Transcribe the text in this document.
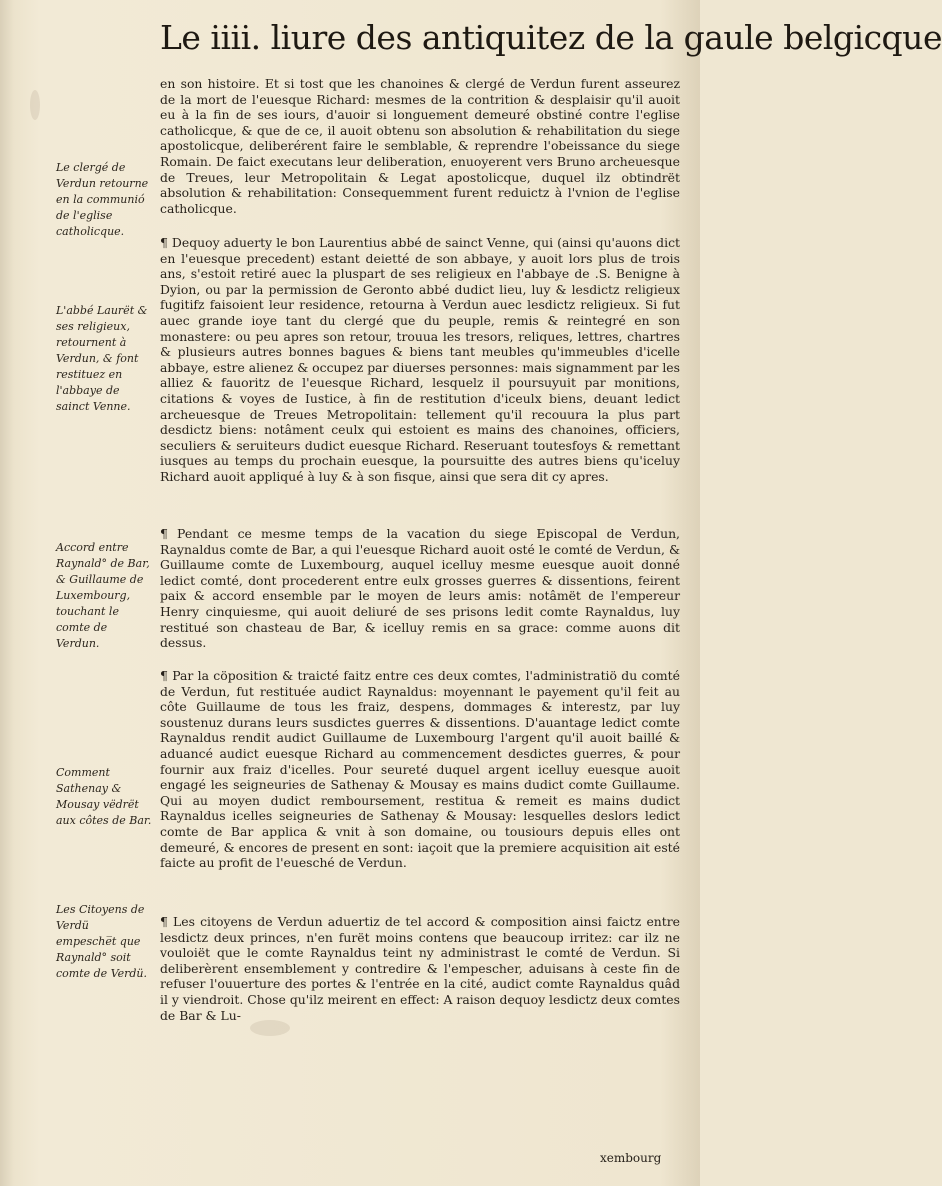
Le iiii. liure des antiquitez de la gaule belgicque
Le clergé de Verdun retourne en la communió de l'eglise catholicque.
L'abbé Laurët & ses religieux, retournent à Verdun, & font restituez en l'abbaye de sainct Venne.
Accord entre Raynald° de Bar, & Guillaume de Luxembourg, touchant le comte de Verdun.
Comment Sathenay & Mousay vëdrët aux côtes de Bar.
Les Citoyens de Verdü empesche̅t que Raynald° soit comte de Verdü.
en son histoire. Et si tost que les chanoines & clergé de Verdun furent asseurez de la mort de l'euesque Richard: mesmes de la contrition & desplaisir qu'il auoit eu à la fin de ses iours, d'auoir si longuement demeuré obstiné contre l'eglise catholicque, & que de ce, il auoit obtenu son absolution & rehabilitation du siege apostolicque, deliberérent faire le semblable, & reprendre l'obeissance du siege Romain. De faict executans leur deliberation, enuoyerent vers Bruno archeuesque de Treues, leur Metropolitain & Legat apostolicque, duquel ilz obtindrët absolution & rehabilitation: Consequemment furent reduictz à l'vnion de l'eglise catholicque.
¶ Dequoy aduerty le bon Laurentius abbé de sainct Venne, qui (ainsi qu'auons dict en l'euesque precedent) estant deietté de son abbaye, y auoit lors plus de trois ans, s'estoit retiré auec la pluspart de ses religieux en l'abbaye de .S. Benigne à Dyion, ou par la permission de Geronto abbé dudict lieu, luy & lesdictz religieux fugitifz faisoient leur residence, retourna à Verdun auec lesdictz religieux. Si fut auec grande ioye tant du clergé que du peuple, remis & reintegré en son monastere: ou peu apres son retour, trouua les tresors, reliques, lettres, chartres & plusieurs autres bonnes bagues & biens tant meubles qu'immeubles d'icelle abbaye, estre alienez & occupez par diuerses personnes: mais signamment par les alliez & fauoritz de l'euesque Richard, lesquelz il poursuyuit par monitions, citations & voyes de Iustice, à fin de restitution d'iceulx biens, deuant ledict archeuesque de Treues Metropolitain: tellement qu'il recouura la plus part desdictz biens: notâment ceulx qui estoient es mains des chanoines, officiers, seculiers & seruiteurs dudict euesque Richard. Reseruant toutesfoys & remettant iusques au temps du prochain euesque, la poursuitte des autres biens qu'iceluy Richard auoit appliqué à luy & à son fisque, ainsi que sera dit cy apres.
¶ Pendant ce mesme temps de la vacation du siege Episcopal de Verdun, Raynaldus comte de Bar, a qui l'euesque Richard auoit osté le comté de Verdun, & Guillaume comte de Luxembourg, auquel icelluy mesme euesque auoit donné ledict comté, dont procederent entre eulx grosses guerres & dissentions, feirent paix & accord ensemble par le moyen de leurs amis: notâmët de l'empereur Henry cinquiesme, qui auoit deliuré de ses prisons ledit comte Raynaldus, luy restitué son chasteau de Bar, & icelluy remis en sa grace: comme auons dit dessus.
¶ Par la cöposition & traicté faitz entre ces deux comtes, l'administratiö du comté de Verdun, fut restituée audict Raynaldus: moyennant le payement qu'il feit au côte Guillaume de tous les fraiz, despens, dommages & interestz, par luy soustenuz durans leurs susdictes guerres & dissentions. D'auantage ledict comte Raynaldus rendit audict Guillaume de Luxembourg l'argent qu'il auoit baillé & aduancé audict euesque Richard au commencement desdictes guerres, & pour fournir aux fraiz d'icelles. Pour seureté duquel argent icelluy euesque auoit engagé les seigneuries de Sathenay & Mousay es mains dudict comte Guillaume. Qui au moyen dudict remboursement, restitua & remeit es mains dudict Raynaldus icelles seigneuries de Sathenay & Mousay: lesquelles deslors ledict comte de Bar applica & vnit à son domaine, ou tousiours depuis elles ont demeuré, & encores de present en sont: iaçoit que la premiere acquisition ait esté faicte au profit de l'euesché de Verdun.
¶ Les citoyens de Verdun aduertiz de tel accord & composition ainsi faictz entre lesdictz deux princes, n'en furët moins contens que beaucoup irritez: car ilz ne vouloiët que le comte Raynaldus teint ny administrast le comté de Verdun. Si deliberèrent ensemblement y contredire & l'empescher, aduisans à ceste fin de refuser l'ouuerture des portes & l'entrée en la cité, audict comte Raynaldus quâd il y viendroit. Chose qu'ilz meirent en effect: A raison dequoy lesdictz deux comtes de Bar & Lu-
xembourg
